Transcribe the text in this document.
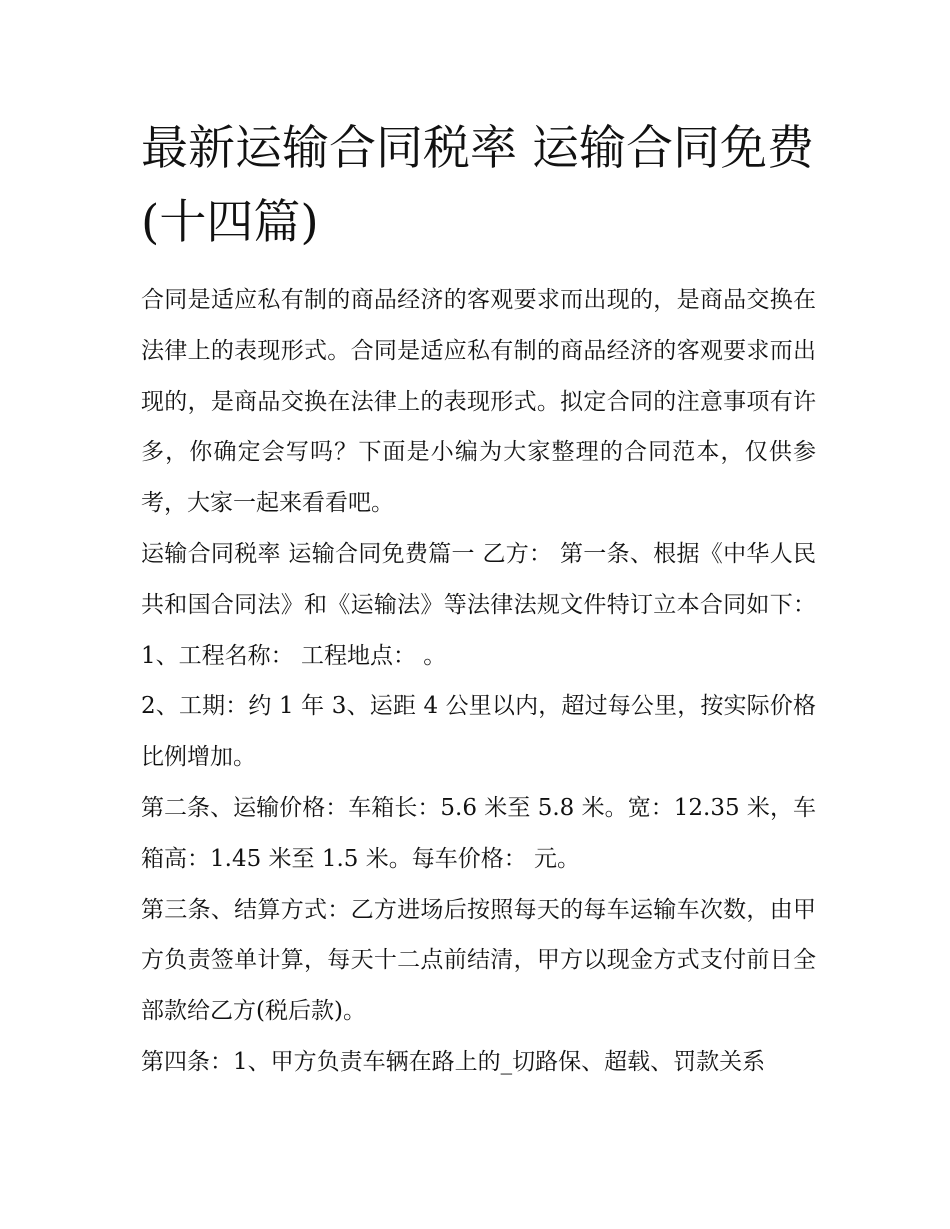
最新运输合同税率 运输合同免费(十四篇)

合同是适应私有制的商品经济的客观要求而出现的，是商品交换在法律上的表现形式。合同是适应私有制的商品经济的客观要求而出现的，是商品交换在法律上的表现形式。拟定合同的注意事项有许多，你确定会写吗？下面是小编为大家整理的合同范本，仅供参考，大家一起来看看吧。

运输合同税率 运输合同免费篇一 乙方： 第一条、根据《中华人民共和国合同法》和《运输法》等法律法规文件特订立本合同如下： 1、工程名称： 工程地点： 。

2、工期：约 1 年 3、运距 4 公里以内，超过每公里，按实际价格比例增加。

第二条、运输价格：车箱长：5.6 米至 5.8 米。宽：12.35 米，车箱高：1.45 米至 1.5 米。每车价格： 元。

第三条、结算方式：乙方进场后按照每天的每车运输车次数，由甲方负责签单计算，每天十二点前结清，甲方以现金方式支付前日全部款给乙方(税后款)。

第四条：1、甲方负责车辆在路上的_切路保、超载、罚款关系
